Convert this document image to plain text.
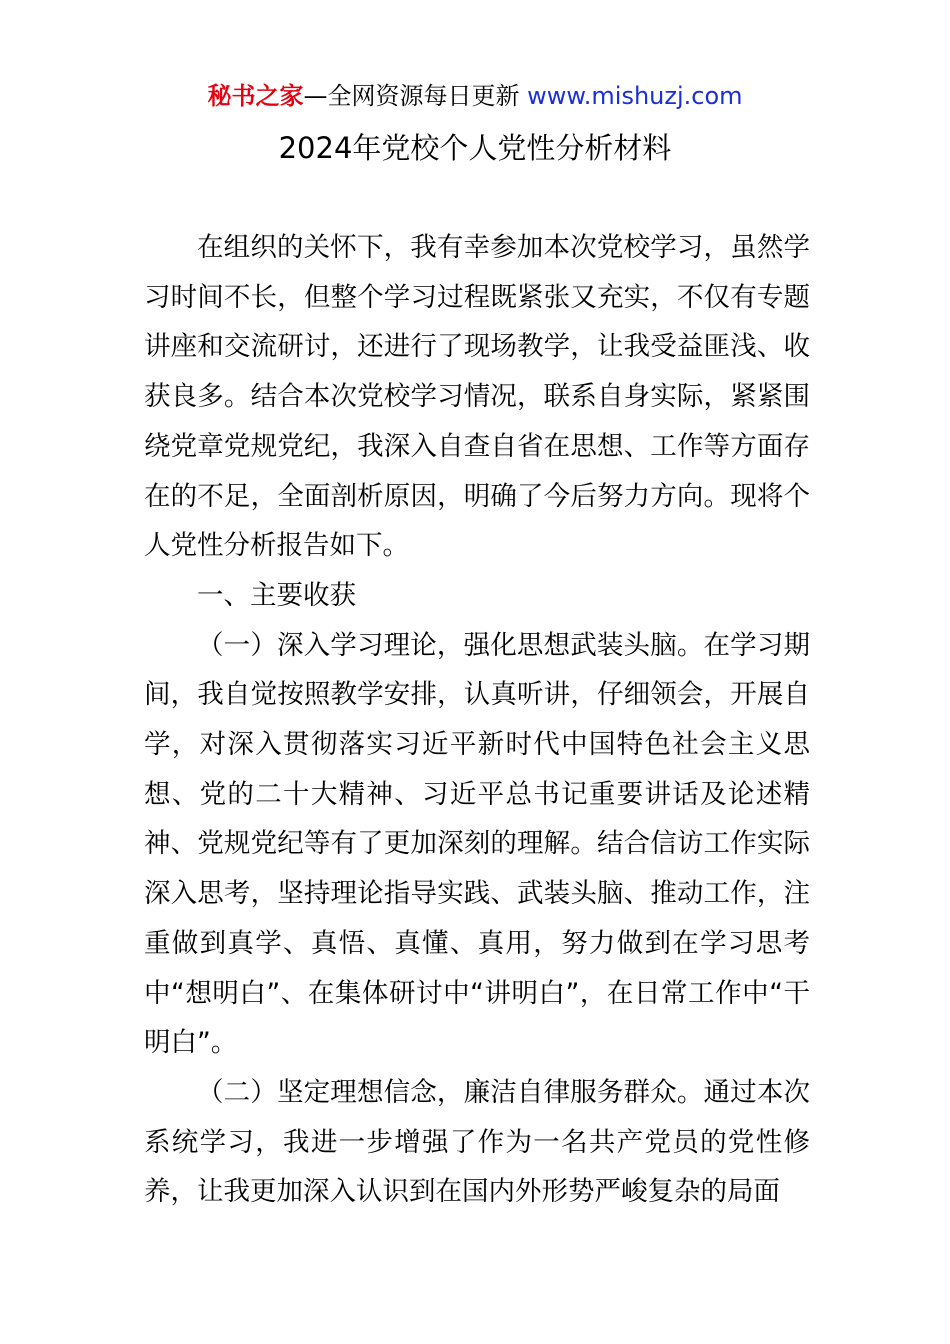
秘书之家—全网资源每日更新 www.mishuzj.com
2024年党校个人党性分析材料

在组织的关怀下，我有幸参加本次党校学习，虽然学习时间不长，但整个学习过程既紧张又充实，不仅有专题讲座和交流研讨，还进行了现场教学，让我受益匪浅、收获良多。结合本次党校学习情况，联系自身实际，紧紧围绕党章党规党纪，我深入自查自省在思想、工作等方面存在的不足，全面剖析原因，明确了今后努力方向。现将个人党性分析报告如下。

一、主要收获

（一）深入学习理论，强化思想武装头脑。在学习期间，我自觉按照教学安排，认真听讲，仔细领会，开展自学，对深入贯彻落实习近平新时代中国特色社会主义思想、党的二十大精神、习近平总书记重要讲话及论述精神、党规党纪等有了更加深刻的理解。结合信访工作实际深入思考，坚持理论指导实践、武装头脑、推动工作，注重做到真学、真悟、真懂、真用，努力做到在学习思考中“想明白”、在集体研讨中“讲明白”，在日常工作中“干明白”。

（二）坚定理想信念，廉洁自律服务群众。通过本次系统学习，我进一步增强了作为一名共产党员的党性修养，让我更加深入认识到在国内外形势严峻复杂的局面
